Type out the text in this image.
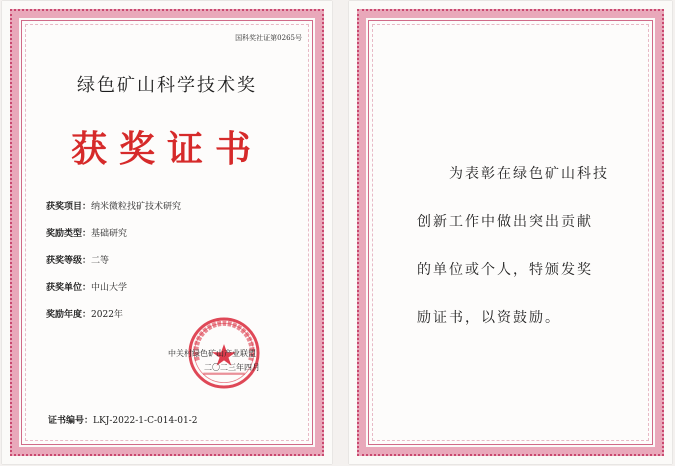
国科奖社证第0265号
绿色矿山科学技术奖
获奖证书
获奖项目：纳米微粒找矿技术研究
奖励类型：基础研究
获奖等级：二等
获奖单位：中山大学
奖励年度：2022年
中关村绿色矿山产业联盟
二〇二三年四月
证书编号：LKJ-2022-1-C-014-01-2
为表彰在绿色矿山科技
创新工作中做出突出贡献
的单位或个人，特颁发奖
励证书，以资鼓励。
